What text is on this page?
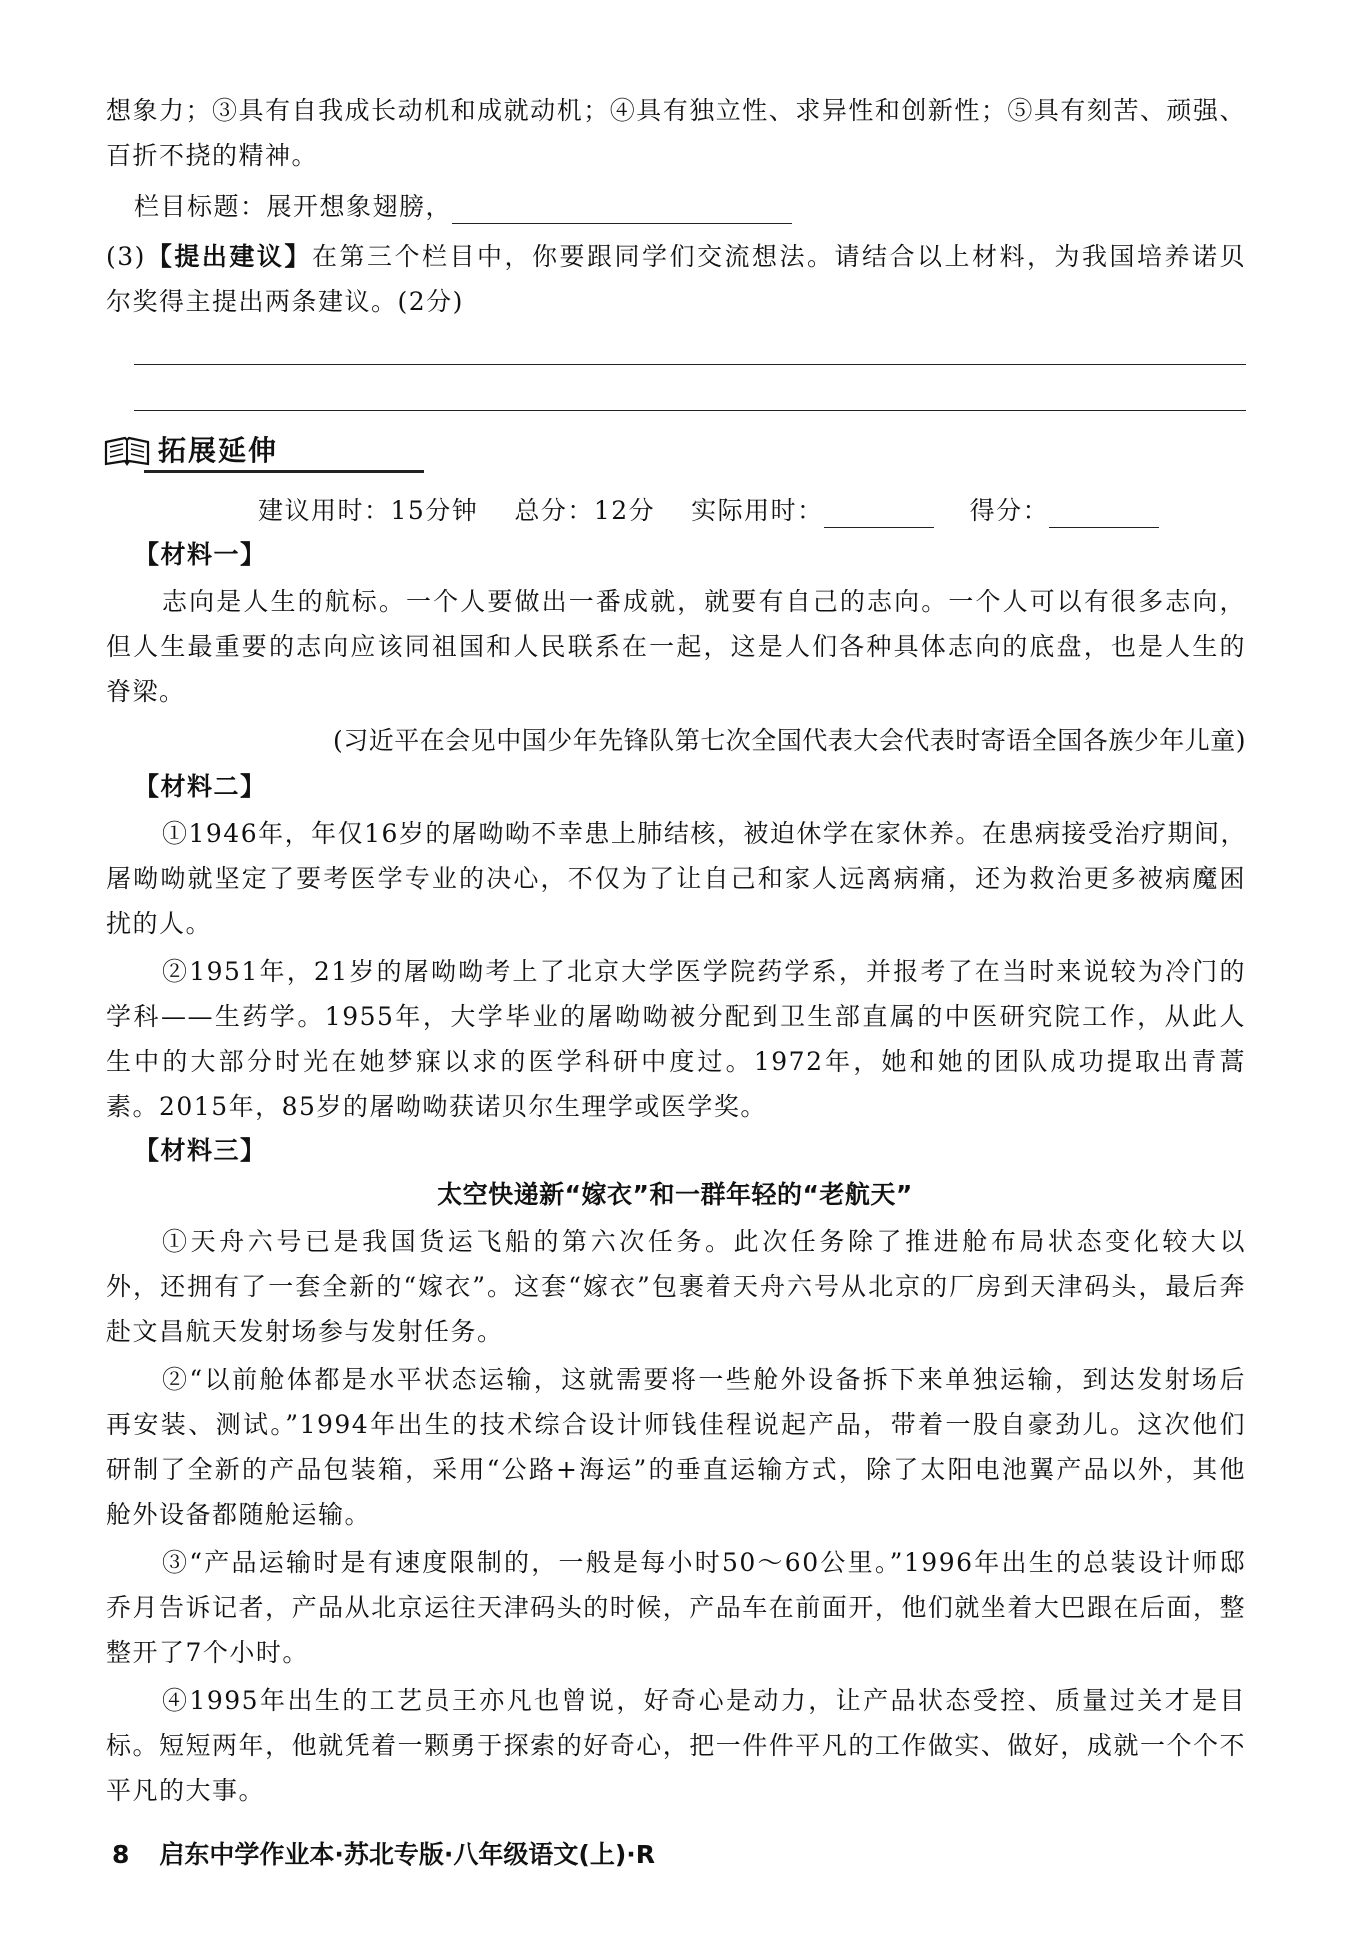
想象力；③具有自我成长动机和成就动机；④具有独立性、求异性和创新性；⑤具有刻苦、顽强、
百折不挠的精神。
栏目标题：展开想象翅膀，
(3)【提出建议】在第三个栏目中，你要跟同学们交流想法。请结合以上材料，为我国培养诺贝
尔奖得主提出两条建议。(2分)
拓展延伸
建议用时：15分钟 总分：12分 实际用时：	得分：
【材料一】
志向是人生的航标。一个人要做出一番成就，就要有自己的志向。一个人可以有很多志向，
但人生最重要的志向应该同祖国和人民联系在一起，这是人们各种具体志向的底盘，也是人生的
脊梁。
(习近平在会见中国少年先锋队第七次全国代表大会代表时寄语全国各族少年儿童)
【材料二】
①1946年，年仅16岁的屠呦呦不幸患上肺结核，被迫休学在家休养。在患病接受治疗期间，
屠呦呦就坚定了要考医学专业的决心，不仅为了让自己和家人远离病痛，还为救治更多被病魔困
扰的人。
②1951年，21岁的屠呦呦考上了北京大学医学院药学系，并报考了在当时来说较为冷门的
学科——生药学。1955年，大学毕业的屠呦呦被分配到卫生部直属的中医研究院工作，从此人
生中的大部分时光在她梦寐以求的医学科研中度过。1972年，她和她的团队成功提取出青蒿
素。2015年，85岁的屠呦呦获诺贝尔生理学或医学奖。
【材料三】
太空快递新“嫁衣”和一群年轻的“老航天”
①天舟六号已是我国货运飞船的第六次任务。此次任务除了推进舱布局状态变化较大以
外，还拥有了一套全新的“嫁衣”。这套“嫁衣”包裹着天舟六号从北京的厂房到天津码头，最后奔
赴文昌航天发射场参与发射任务。
②“以前舱体都是水平状态运输，这就需要将一些舱外设备拆下来单独运输，到达发射场后
再安装、测试。”1994年出生的技术综合设计师钱佳程说起产品，带着一股自豪劲儿。这次他们
研制了全新的产品包装箱，采用“公路+海运”的垂直运输方式，除了太阳电池翼产品以外，其他
舱外设备都随舱运输。
③“产品运输时是有速度限制的，一般是每小时50～60公里。”1996年出生的总装设计师邸
乔月告诉记者，产品从北京运往天津码头的时候，产品车在前面开，他们就坐着大巴跟在后面，整
整开了7个小时。
④1995年出生的工艺员王亦凡也曾说，好奇心是动力，让产品状态受控、质量过关才是目
标。短短两年，他就凭着一颗勇于探索的好奇心，把一件件平凡的工作做实、做好，成就一个个不
平凡的大事。
8 启东中学作业本·苏北专版·八年级语文(上)·R
